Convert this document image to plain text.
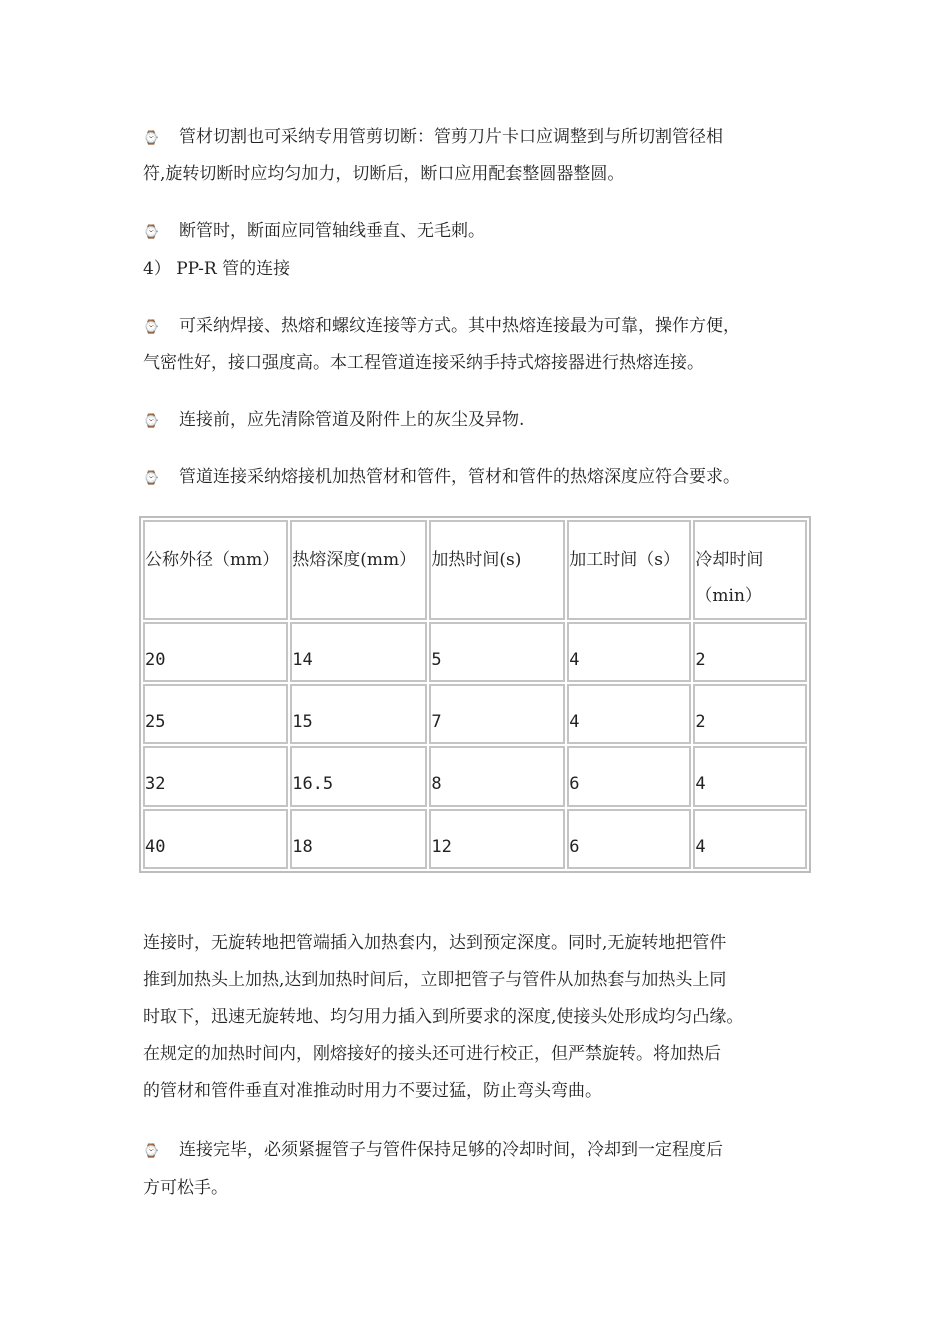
⌚ 管材切割也可采纳专用管剪切断：管剪刀片卡口应调整到与所切割管径相
符,旋转切断时应均匀加力，切断后，断口应用配套整圆器整圆。
⌚ 断管时，断面应同管轴线垂直、无毛刺。
4） PP-R 管的连接
⌚ 可采纳焊接、热熔和螺纹连接等方式。其中热熔连接最为可靠，操作方便，
气密性好，接口强度高。本工程管道连接采纳手持式熔接器进行热熔连接。
⌚ 连接前，应先清除管道及附件上的灰尘及异物.
⌚ 管道连接采纳熔接机加热管材和管件，管材和管件的热熔深度应符合要求。
公称外径（mm）	热熔深度(mm）	加热时间(s)	加工时间（s）	冷却时间（min）
20	14	5	4	2
25	15	7	4	2
32	16.5	8	6	4
40	18	12	6	4
连接时，无旋转地把管端插入加热套内，达到预定深度。同时,无旋转地把管件
推到加热头上加热,达到加热时间后，立即把管子与管件从加热套与加热头上同
时取下，迅速无旋转地、均匀用力插入到所要求的深度,使接头处形成均匀凸缘。
在规定的加热时间内，刚熔接好的接头还可进行校正，但严禁旋转。将加热后
的管材和管件垂直对准推动时用力不要过猛，防止弯头弯曲。
⌚ 连接完毕，必须紧握管子与管件保持足够的冷却时间，冷却到一定程度后
方可松手。
